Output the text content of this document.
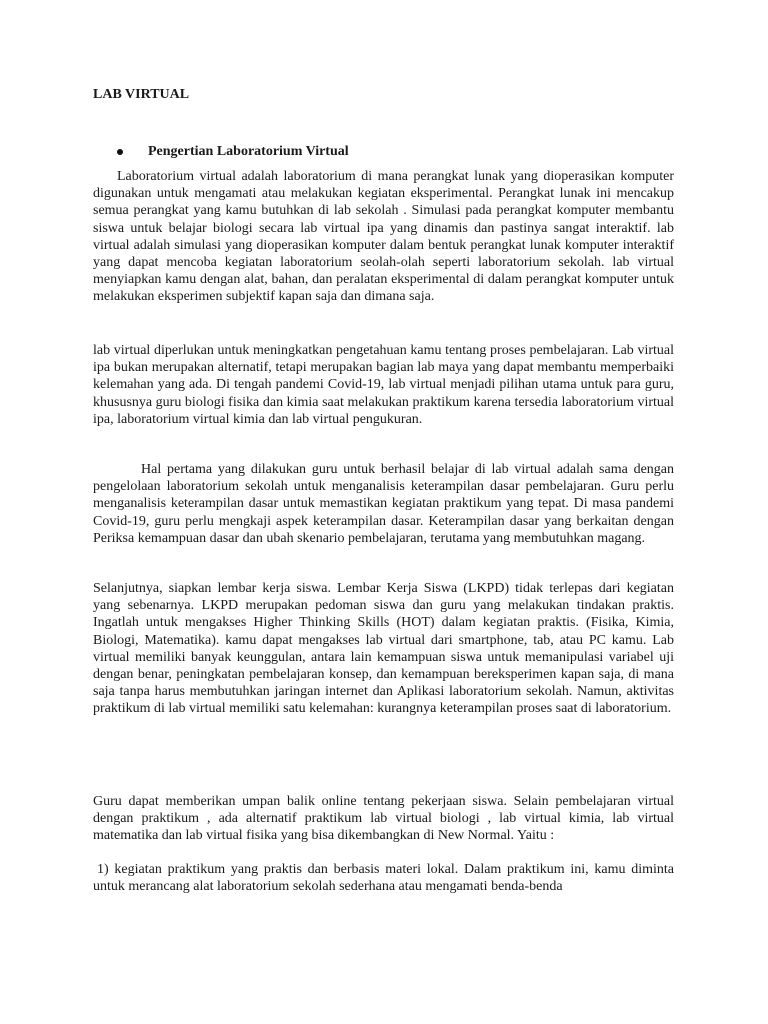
LAB VIRTUAL
Pengertian Laboratorium Virtual

Laboratorium virtual adalah laboratorium di mana perangkat lunak yang dioperasikan komputer digunakan untuk mengamati atau melakukan kegiatan eksperimental. Perangkat lunak ini mencakup semua perangkat yang kamu butuhkan di lab sekolah . Simulasi pada perangkat komputer membantu siswa untuk belajar biologi secara lab virtual ipa yang dinamis dan pastinya sangat interaktif. lab virtual adalah simulasi yang dioperasikan komputer dalam bentuk perangkat lunak komputer interaktif yang dapat mencoba kegiatan laboratorium seolah-olah seperti laboratorium sekolah. lab virtual menyiapkan kamu dengan alat, bahan, dan peralatan eksperimental di dalam perangkat komputer untuk melakukan eksperimen subjektif kapan saja dan dimana saja.

lab virtual diperlukan untuk meningkatkan pengetahuan kamu tentang proses pembelajaran. Lab virtual ipa bukan merupakan alternatif, tetapi merupakan bagian lab maya yang dapat membantu memperbaiki kelemahan yang ada. Di tengah pandemi Covid-19, lab virtual menjadi pilihan utama untuk para guru, khususnya guru biologi fisika dan kimia saat melakukan praktikum karena tersedia laboratorium virtual ipa, laboratorium virtual kimia dan lab virtual pengukuran.

Hal pertama yang dilakukan guru untuk berhasil belajar di lab virtual adalah sama dengan pengelolaan laboratorium sekolah untuk menganalisis keterampilan dasar pembelajaran. Guru perlu menganalisis keterampilan dasar untuk memastikan kegiatan praktikum yang tepat. Di masa pandemi Covid-19, guru perlu mengkaji aspek keterampilan dasar. Keterampilan dasar yang berkaitan dengan Periksa kemampuan dasar dan ubah skenario pembelajaran, terutama yang membutuhkan magang.

Selanjutnya, siapkan lembar kerja siswa. Lembar Kerja Siswa (LKPD) tidak terlepas dari kegiatan yang sebenarnya. LKPD merupakan pedoman siswa dan guru yang melakukan tindakan praktis. Ingatlah untuk mengakses Higher Thinking Skills (HOT) dalam kegiatan praktis. (Fisika, Kimia, Biologi, Matematika). kamu dapat mengakses lab virtual dari smartphone, tab, atau PC kamu. Lab virtual memiliki banyak keunggulan, antara lain kemampuan siswa untuk memanipulasi variabel uji dengan benar, peningkatan pembelajaran konsep, dan kemampuan bereksperimen kapan saja, di mana saja tanpa harus membutuhkan jaringan internet dan Aplikasi laboratorium sekolah. Namun, aktivitas praktikum di lab virtual memiliki satu kelemahan: kurangnya keterampilan proses saat di laboratorium.

Guru dapat memberikan umpan balik online tentang pekerjaan siswa. Selain pembelajaran virtual dengan praktikum , ada alternatif praktikum lab virtual biologi , lab virtual kimia, lab virtual matematika dan lab virtual fisika yang bisa dikembangkan di New Normal. Yaitu :

1) kegiatan praktikum yang praktis dan berbasis materi lokal. Dalam praktikum ini, kamu diminta untuk merancang alat laboratorium sekolah sederhana atau mengamati benda-benda
